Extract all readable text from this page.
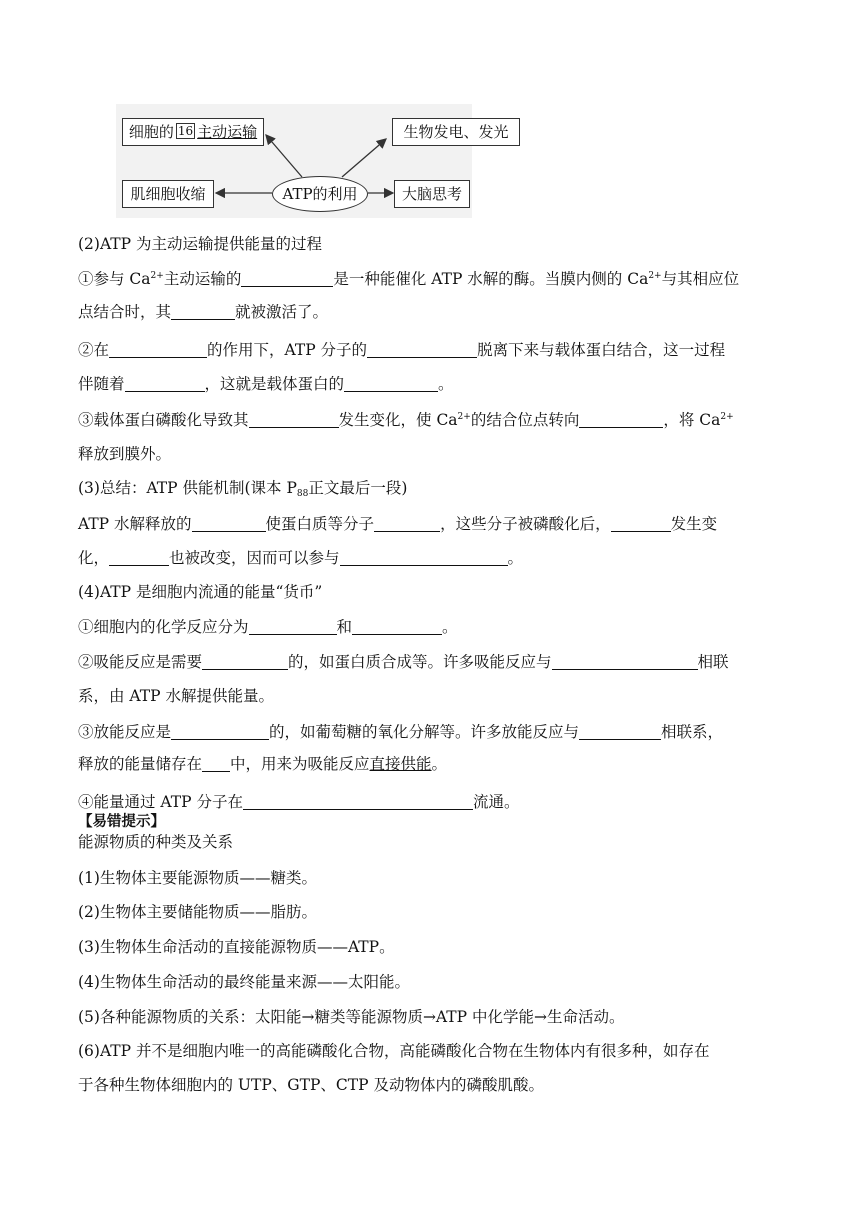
细胞的 16 主动运输	生物发电、发光
肌细胞收缩	ATP的利用	大脑思考
(2)ATP 为主动运输提供能量的过程
①参与 $Ca^{2+}$主动运输的	是一种能催化 ATP 水解的酶。当膜内侧的 $Ca^{2+}$与其相应位
点结合时，其	就被激活了。
②在	的作用下，ATP 分子的	脱离下来与载体蛋白结合，这一过程
伴随着	，这就是载体蛋白的	。
③载体蛋白磷酸化导致其	发生变化，使 $Ca^{2+}$的结合位点转向	，将 $Ca^{2+}$
释放到膜外。
(3)总结：ATP 供能机制(课本 $P_{88}$正文最后一段)
ATP 水解释放的	使蛋白质等分子	，这些分子被磷酸化后，	发生变
化，	也被改变，因而可以参与	。
(4)ATP 是细胞内流通的能量“货币”
①细胞内的化学反应分为	和	。
②吸能反应是需要	的，如蛋白质合成等。许多吸能反应与	相联
系，由 ATP 水解提供能量。
③放能反应是	的，如葡萄糖的氧化分解等。许多放能反应与	相联系，
释放的能量储存在 中，用来为吸能反应直接供能。
④能量通过 ATP 分子在	流通。
【易错提示】
能源物质的种类及关系
(1)生物体主要能源物质——糖类。
(2)生物体主要储能物质——脂肪。
(3)生物体生命活动的直接能源物质——ATP。
(4)生物体生命活动的最终能量来源——太阳能。
(5)各种能源物质的关系：太阳能→糖类等能源物质→ATP 中化学能→生命活动。
(6)ATP 并不是细胞内唯一的高能磷酸化合物，高能磷酸化合物在生物体内有很多种，如存在
于各种生物体细胞内的 UTP、GTP、CTP 及动物体内的磷酸肌酸。
